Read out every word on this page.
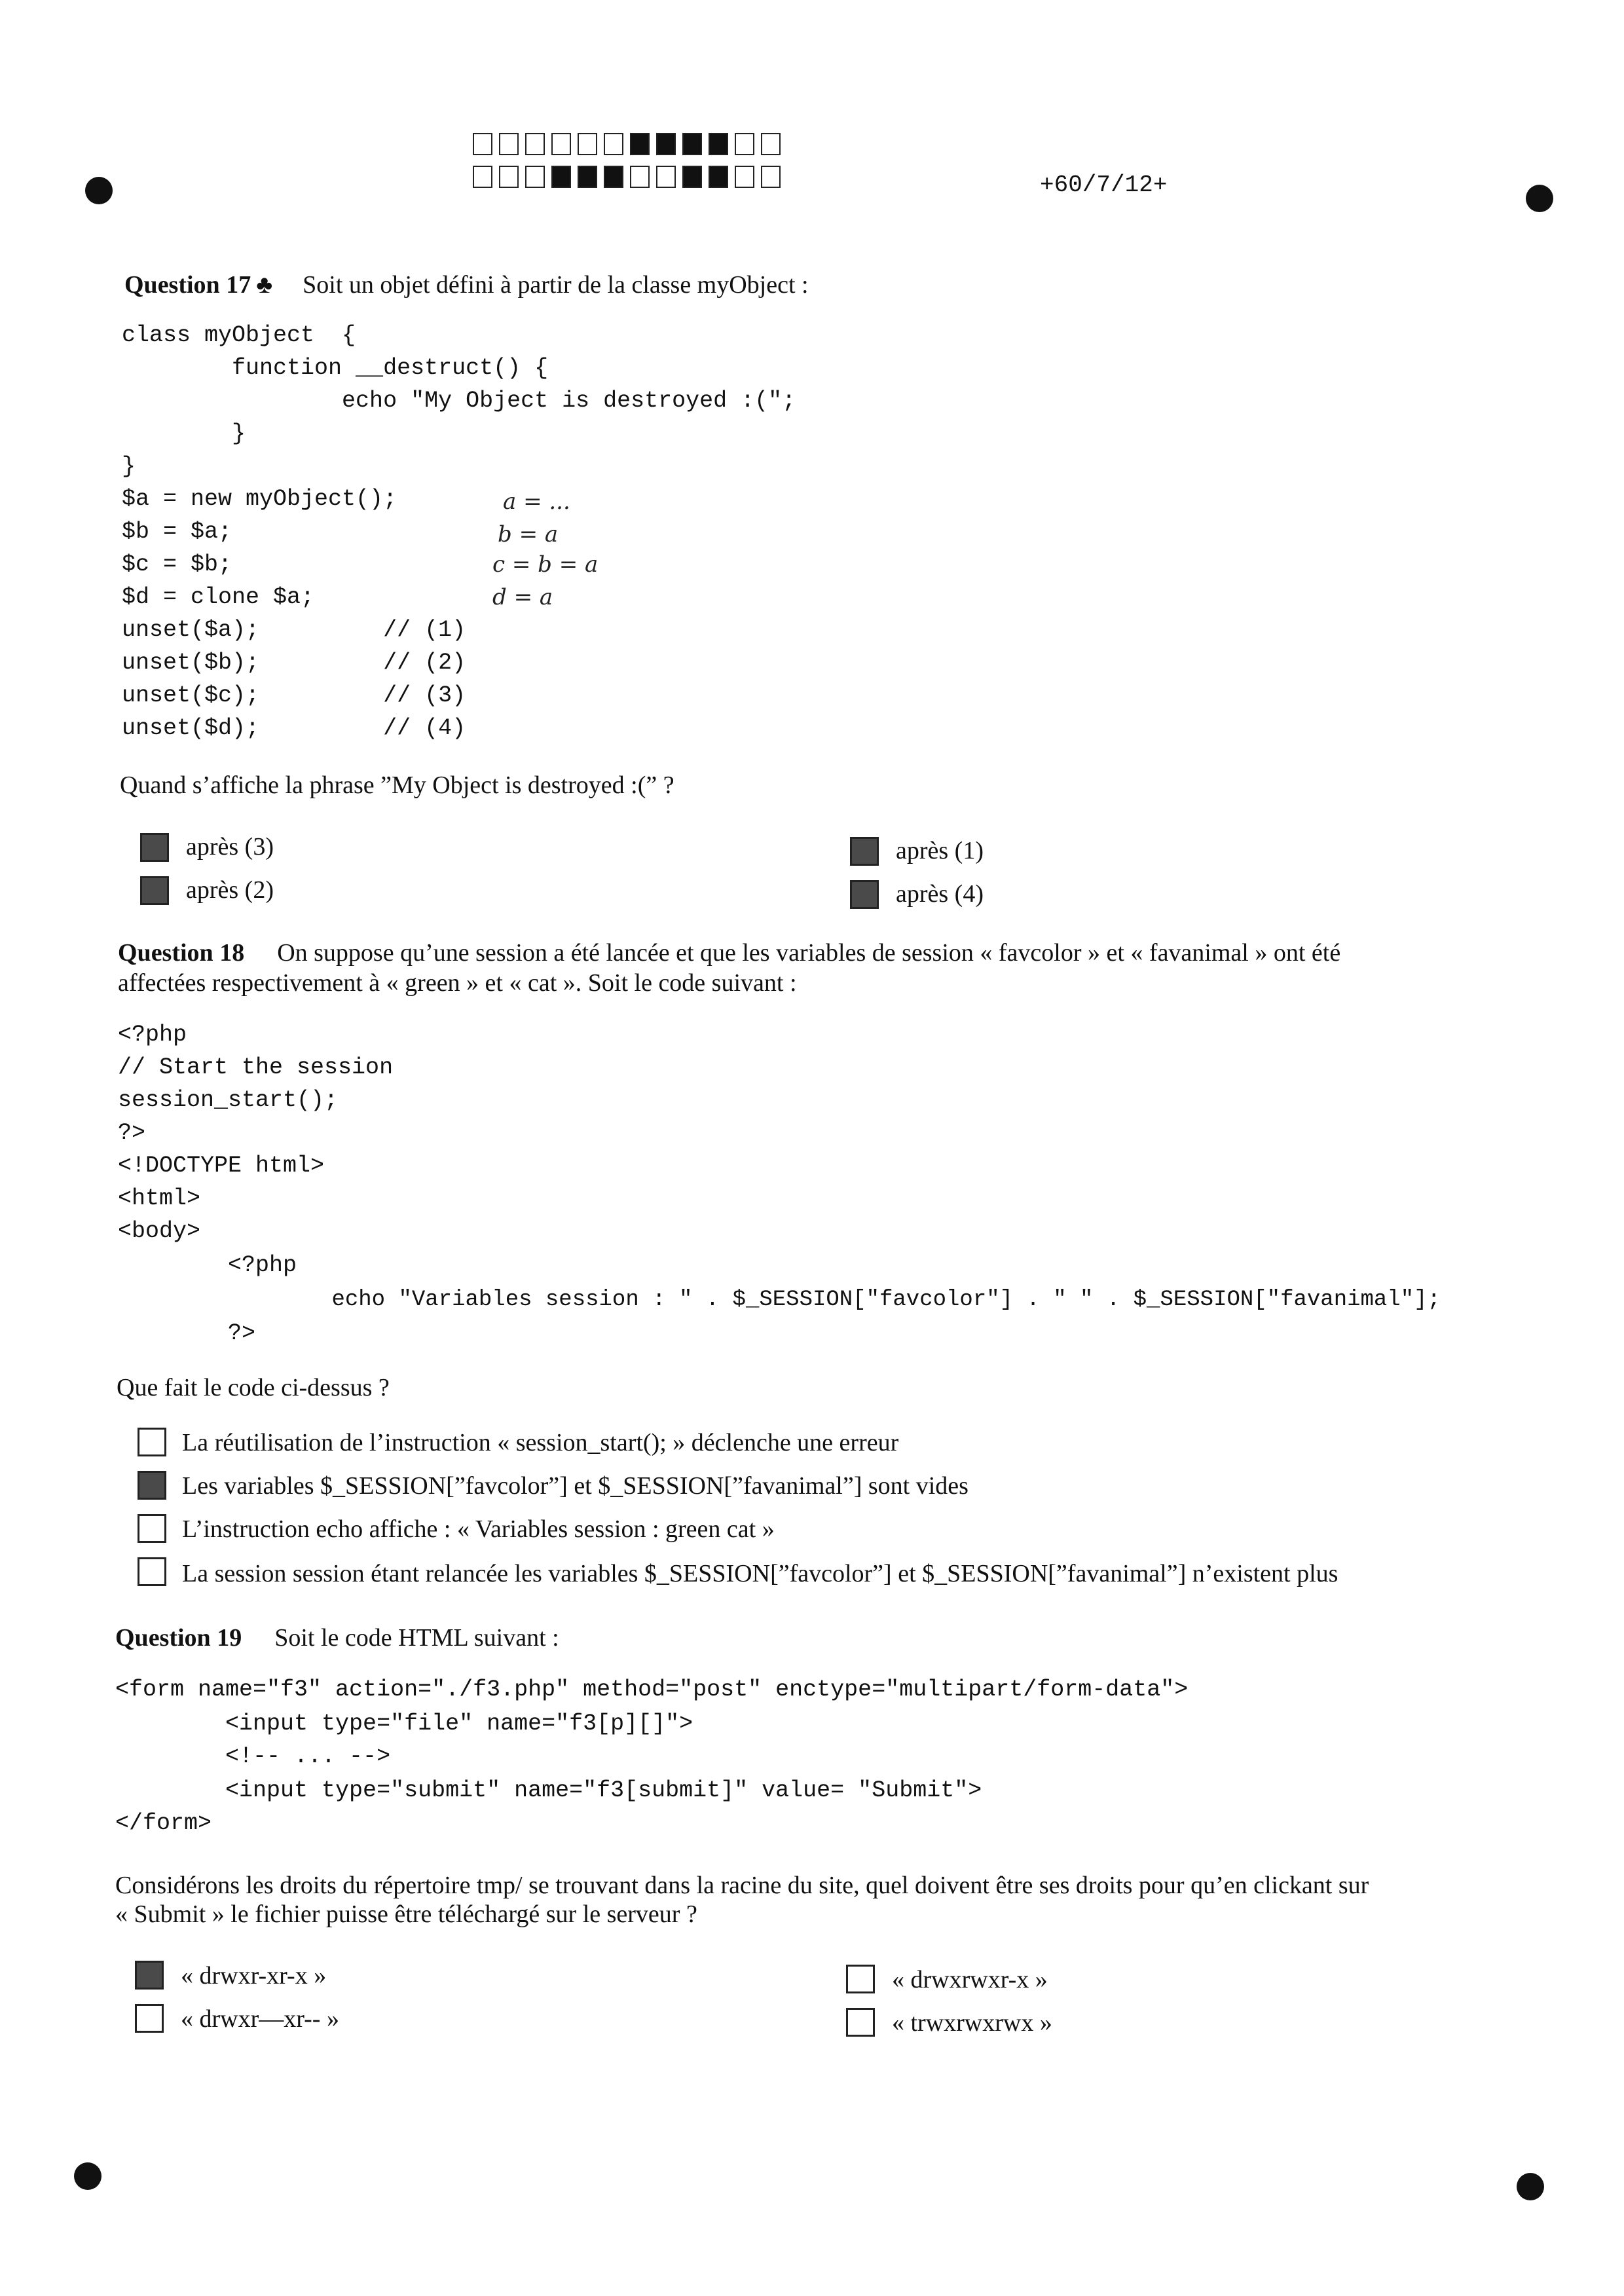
+60/7/12+
Question 17 ♣ Soit un objet défini à partir de la classe myObject :
class myObject  {
function __destruct() {
echo "My Object is destroyed :(";
}
}
$a = new myObject();
$b = $a;
$c = $b;
$d = clone $a;
unset($a);         // (1)
unset($b);         // (2)
unset($c);         // (3)
unset($d);         // (4)
a = ...
b = a
c = b = a
d = a
Quand s’affiche la phrase ”My Object is destroyed :(” ?
après (3)
après (2)
après (1)
après (4)
Question 18 On suppose qu’une session a été lancée et que les variables de session « favcolor » et « favanimal » ont été
affectées respectivement à « green » et « cat ». Soit le code suivant :
<?php
// Start the session
session_start();
?>
<!DOCTYPE html>
<html>
<body>
<?php
echo "Variables session : " . $_SESSION["favcolor"] . " " . $_SESSION["favanimal"];
?>
Que fait le code ci-dessus ?
La réutilisation de l’instruction « session_start(); » déclenche une erreur
Les variables $_SESSION[”favcolor”] et $_SESSION[”favanimal”] sont vides
L’instruction echo affiche : « Variables session : green cat »
La session session étant relancée les variables $_SESSION[”favcolor”] et $_SESSION[”favanimal”] n’existent plus
Question 19 Soit le code HTML suivant :
<form name="f3" action="./f3.php" method="post" enctype="multipart/form-data">
<input type="file" name="f3[p][]">
<!-- ... -->
<input type="submit" name="f3[submit]" value= "Submit">
</form>
Considérons les droits du répertoire tmp/ se trouvant dans la racine du site, quel doivent être ses droits pour qu’en clickant sur
« Submit » le fichier puisse être téléchargé sur le serveur ?
« drwxr-xr-x »
« drwxr—xr-- »
« drwxrwxr-x »
« trwxrwxrwx »
